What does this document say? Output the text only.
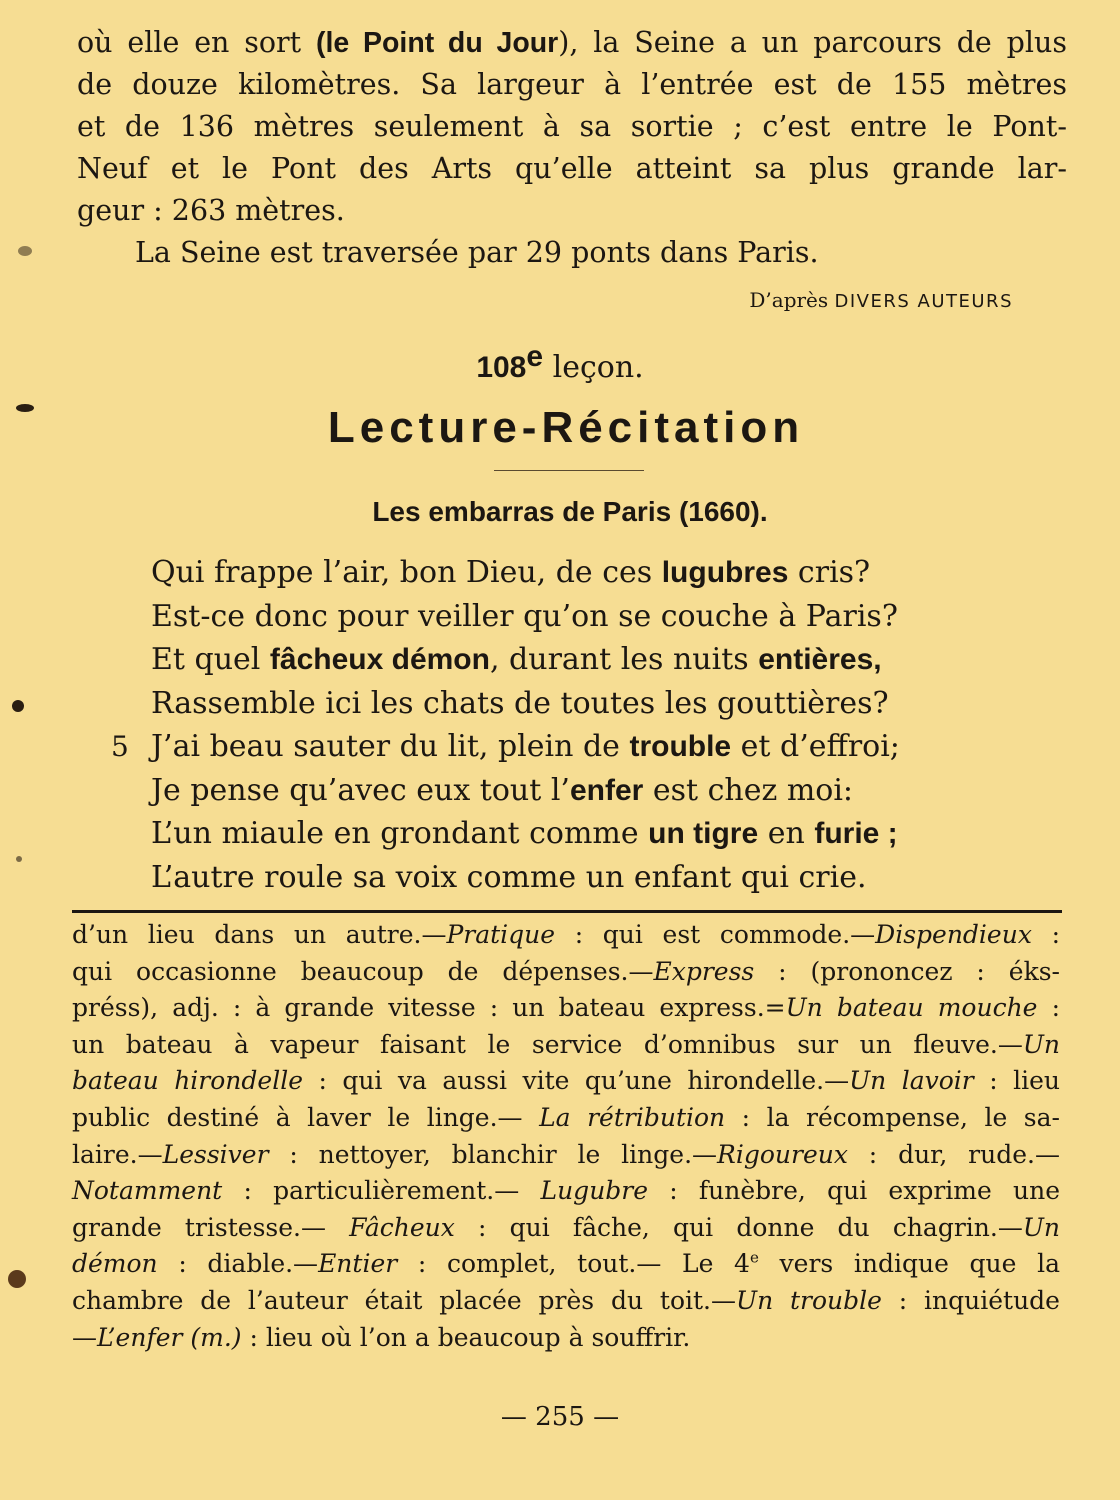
où elle en sort (le Point du Jour), la Seine a un parcours de plus
de douze kilomètres. Sa largeur à l’entrée est de 155 mètres
et de 136 mètres seulement à sa sortie ; c’est entre le Pont-
Neuf et le Pont des Arts qu’elle atteint sa plus grande lar-
geur : 263 mètres.
La Seine est traversée par 29 ponts dans Paris.
D’après DIVERS AUTEURS
108e leçon.
Lecture-Récitation
Les embarras de Paris (1660).
Qui frappe l’air, bon Dieu, de ces lugubres cris?
Est-ce donc pour veiller qu’on se couche à Paris?
Et quel fâcheux démon, durant les nuits entières,
Rassemble ici les chats de toutes les gouttières?
5 J’ai beau sauter du lit, plein de trouble et d’effroi;
Je pense qu’avec eux tout l’enfer est chez moi:
L’un miaule en grondant comme un tigre en furie ;
L’autre roule sa voix comme un enfant qui crie.
d’un lieu dans un autre.—Pratique : qui est commode.—Dispendieux :
qui occasionne beaucoup de dépenses.—Express : (prononcez : éks-
préss), adj. : à grande vitesse : un bateau express.=Un bateau mouche :
un bateau à vapeur faisant le service d’omnibus sur un fleuve.—Un
bateau hirondelle : qui va aussi vite qu’une hirondelle.—Un lavoir : lieu
public destiné à laver le linge.— La rétribution : la récompense, le sa-
laire.—Lessiver : nettoyer, blanchir le linge.—Rigoureux : dur, rude.—
Notamment : particulièrement.— Lugubre : funèbre, qui exprime une
grande tristesse.— Fâcheux : qui fâche, qui donne du chagrin.—Un
démon : diable.—Entier : complet, tout.— Le 4e vers indique que la
chambre de l’auteur était placée près du toit.—Un trouble : inquiétude
—L’enfer (m.) : lieu où l’on a beaucoup à souffrir.
— 255 —
